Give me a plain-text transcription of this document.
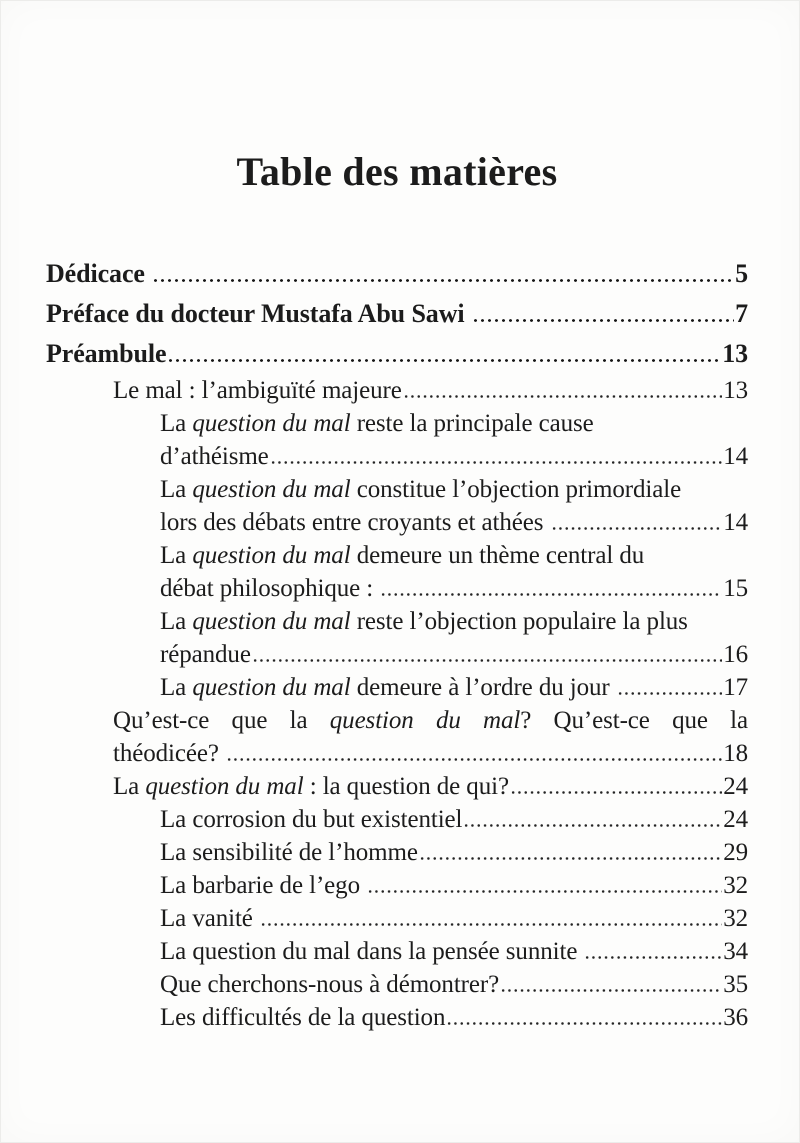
Table des matières
Dédicace	5
Préface du docteur Mustafa Abu Sawi	7
Préambule	13
Le mal : l’ambiguïté majeure	13
La question du mal reste la principale cause
d’athéisme	14
La question du mal constitue l’objection primordiale
lors des débats entre croyants et athées	14
La question du mal demeure un thème central du
débat philosophique :	15
La question du mal reste l’objection populaire la plus
répandue	16
La question du mal demeure à l’ordre du jour	17
Qu’est-ce que la question du mal? Qu’est-ce que la
théodicée?	18
La question du mal : la question de qui?	24
La corrosion du but existentiel	24
La sensibilité de l’homme	29
La barbarie de l’ego	32
La vanité	32
La question du mal dans la pensée sunnite	34
Que cherchons-nous à démontrer?	35
Les difficultés de la question	36
